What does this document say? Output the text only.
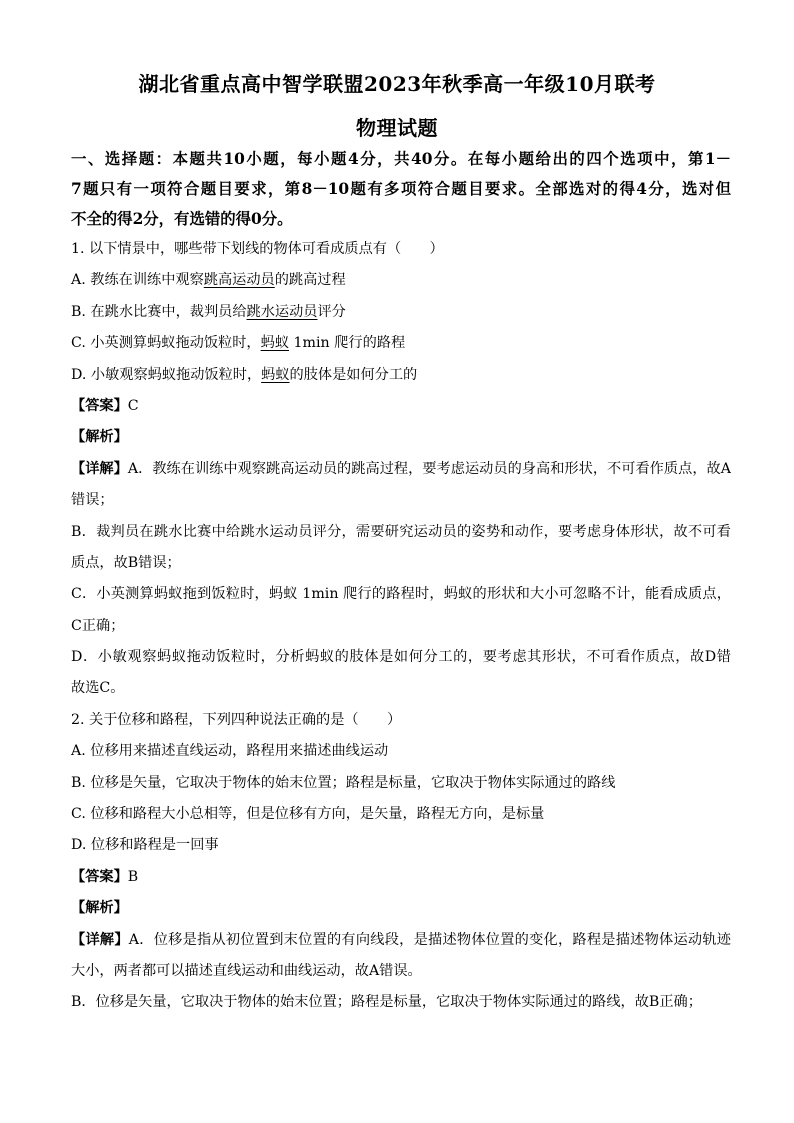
湖北省重点高中智学联盟2023年秋季高一年级10月联考
物理试题
一、选择题：本题共10小题，每小题4分，共40分。在每小题给出的四个选项中，第1－
7题只有一项符合题目要求，第8－10题有多项符合题目要求。全部选对的得4分，选对但
不全的得2分，有选错的得0分。
1. 以下情景中，哪些带下划线的物体可看成质点有（　　）
A. 教练在训练中观察跳高运动员的跳高过程
B. 在跳水比赛中，裁判员给跳水运动员评分
C. 小英测算蚂蚁拖动饭粒时，蚂蚁 1min 爬行的路程
D. 小敏观察蚂蚁拖动饭粒时，蚂蚁的肢体是如何分工的
【答案】C
【解析】
【详解】A．教练在训练中观察跳高运动员的跳高过程，要考虑运动员的身高和形状，不可看作质点，故A
错误；
B．裁判员在跳水比赛中给跳水运动员评分，需要研究运动员的姿势和动作，要考虑身体形状，故不可看
质点，故B错误；
C．小英测算蚂蚁拖到饭粒时，蚂蚁 1min 爬行的路程时，蚂蚁的形状和大小可忽略不计，能看成质点，
C正确；
D．小敏观察蚂蚁拖动饭粒时，分析蚂蚁的肢体是如何分工的，要考虑其形状，不可看作质点，故D错
故选C。
2. 关于位移和路程，下列四种说法正确的是（　　）
A. 位移用来描述直线运动，路程用来描述曲线运动
B. 位移是矢量，它取决于物体的始末位置；路程是标量，它取决于物体实际通过的路线
C. 位移和路程大小总相等，但是位移有方向，是矢量，路程无方向，是标量
D. 位移和路程是一回事
【答案】B
【解析】
【详解】A．位移是指从初位置到末位置的有向线段，是描述物体位置的变化，路程是描述物体运动轨迹
大小，两者都可以描述直线运动和曲线运动，故A错误。
B．位移是矢量，它取决于物体的始末位置；路程是标量，它取决于物体实际通过的路线，故B正确；
